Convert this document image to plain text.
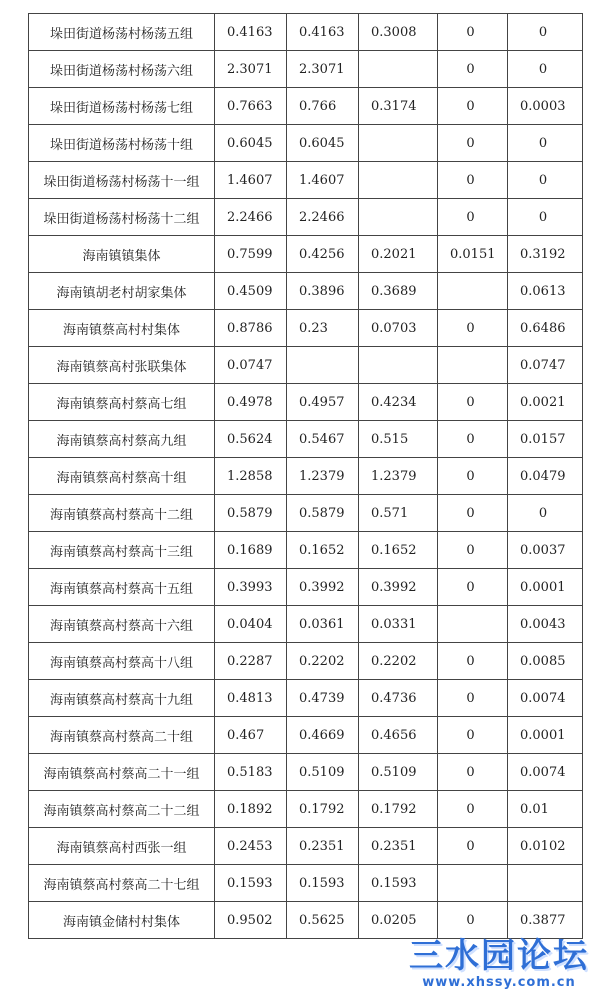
垛田街道杨荡村杨荡五组	0.4163	0.4163	0.3008	0	0
垛田街道杨荡村杨荡六组	2.3071	2.3071		0	0
垛田街道杨荡村杨荡七组	0.7663	0.766	0.3174	0	0.0003
垛田街道杨荡村杨荡十组	0.6045	0.6045		0	0
垛田街道杨荡村杨荡十一组	1.4607	1.4607		0	0
垛田街道杨荡村杨荡十二组	2.2466	2.2466		0	0
海南镇镇集体	0.7599	0.4256	0.2021	0.0151	0.3192
海南镇胡老村胡家集体	0.4509	0.3896	0.3689		0.0613
海南镇蔡高村村集体	0.8786	0.23	0.0703	0	0.6486
海南镇蔡高村张联集体	0.0747				0.0747
海南镇蔡高村蔡高七组	0.4978	0.4957	0.4234	0	0.0021
海南镇蔡高村蔡高九组	0.5624	0.5467	0.515	0	0.0157
海南镇蔡高村蔡高十组	1.2858	1.2379	1.2379	0	0.0479
海南镇蔡高村蔡高十二组	0.5879	0.5879	0.571	0	0
海南镇蔡高村蔡高十三组	0.1689	0.1652	0.1652	0	0.0037
海南镇蔡高村蔡高十五组	0.3993	0.3992	0.3992	0	0.0001
海南镇蔡高村蔡高十六组	0.0404	0.0361	0.0331		0.0043
海南镇蔡高村蔡高十八组	0.2287	0.2202	0.2202	0	0.0085
海南镇蔡高村蔡高十九组	0.4813	0.4739	0.4736	0	0.0074
海南镇蔡高村蔡高二十组	0.467	0.4669	0.4656	0	0.0001
海南镇蔡高村蔡高二十一组	0.5183	0.5109	0.5109	0	0.0074
海南镇蔡高村蔡高二十二组	0.1892	0.1792	0.1792	0	0.01
海南镇蔡高村西张一组	0.2453	0.2351	0.2351	0	0.0102
海南镇蔡高村蔡高二十七组	0.1593	0.1593	0.1593		
海南镇金储村村集体	0.9502	0.5625	0.0205	0	0.3877
三水园论坛
www.xhssy.com.cn
